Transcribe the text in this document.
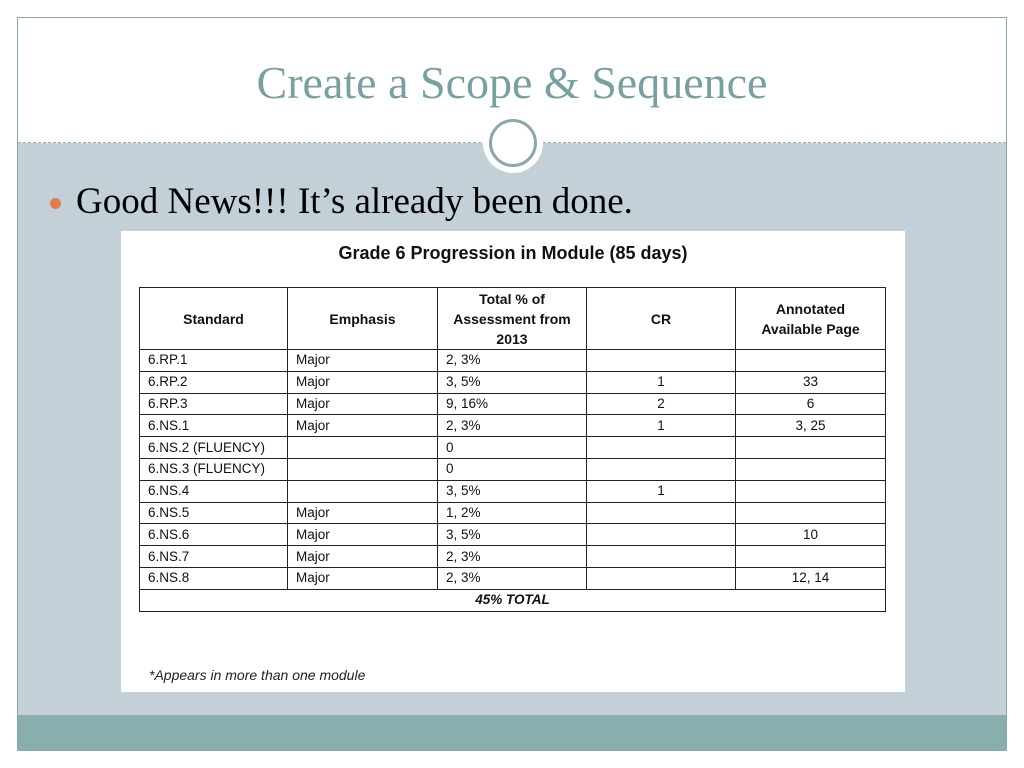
Create a Scope & Sequence
Good News!!! It’s already been done.
Grade 6 Progression in Module (85 days)
Standard	Emphasis	Total % of Assessment from 2013	CR	Annotated Available Page
6.RP.1	Major	2, 3%		
6.RP.2	Major	3, 5%	1	33
6.RP.3	Major	9, 16%	2	6
6.NS.1	Major	2, 3%	1	3, 25
6.NS.2 (FLUENCY)		0		
6.NS.3 (FLUENCY)		0		
6.NS.4		3, 5%	1	
6.NS.5	Major	1, 2%		
6.NS.6	Major	3, 5%		10
6.NS.7	Major	2, 3%		
6.NS.8	Major	2, 3%		12, 14
45% TOTAL				
*Appears in more than one module
